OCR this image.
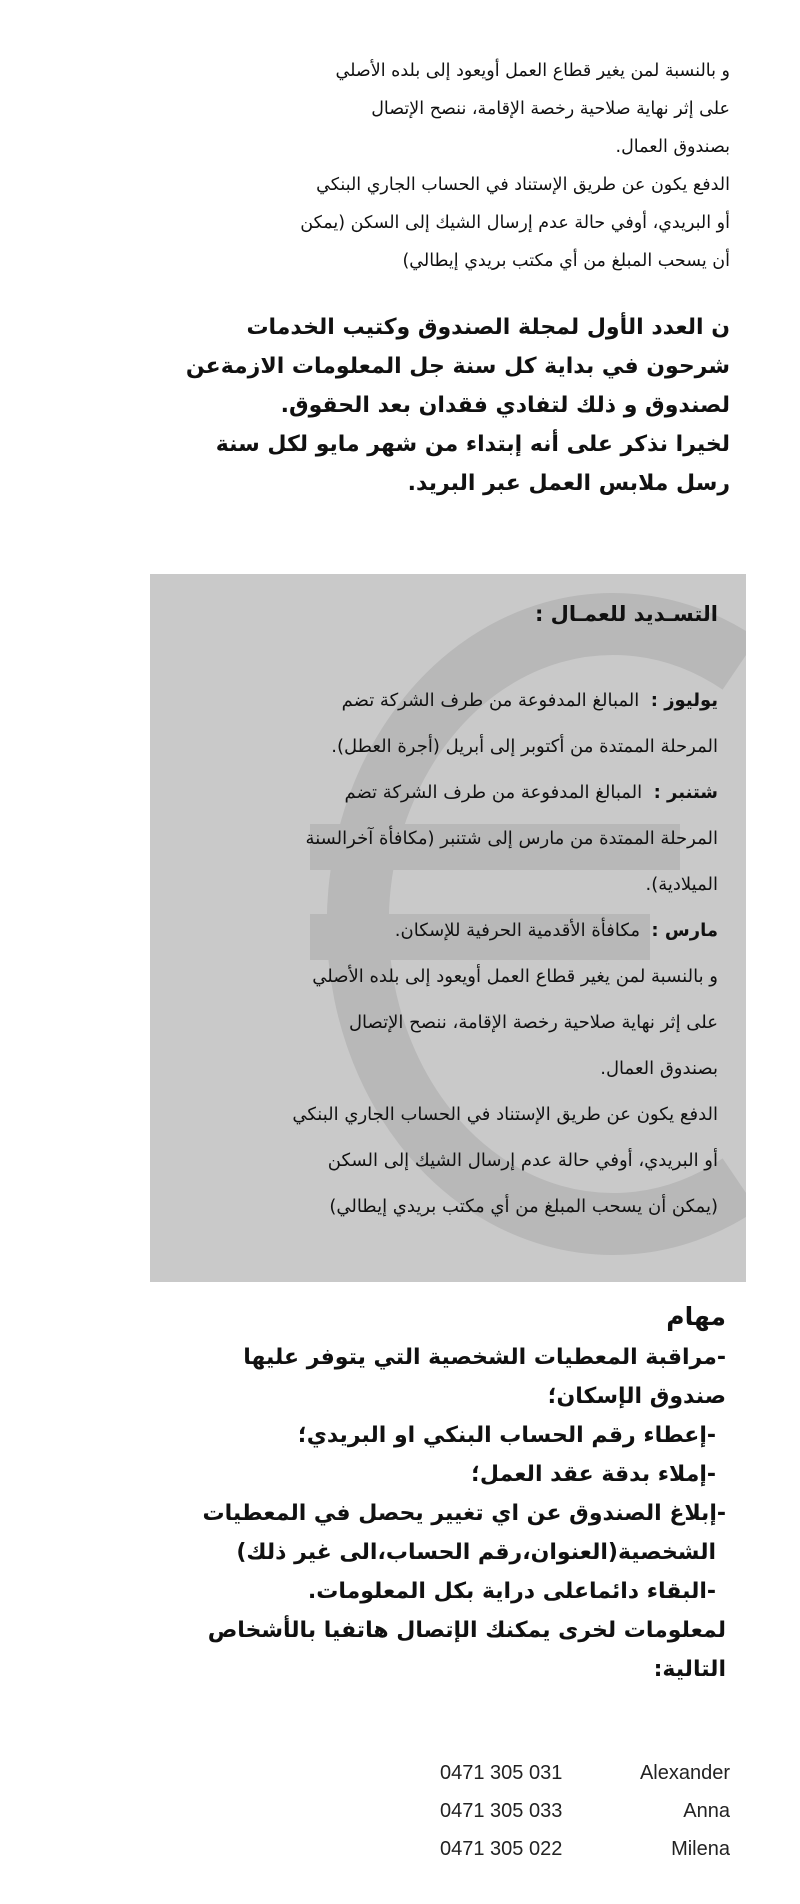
و بالنسبة لمن يغير قطاع العمل أويعود إلى بلده الأصلي

على إثر نهاية صلاحية رخصة الإقامة، ننصح الإتصال

بصندوق العمال.

الدفع يكون عن طريق الإستناد في الحساب الجاري البنكي

أو البريدي، أوفي حالة عدم إرسال الشيك إلى السكن (يمكن

أن يسحب المبلغ من أي مكتب بريدي إيطالي)

ن العدد الأول لمجلة الصندوق وكتيب الخدمات

شرحون في بداية كل سنة جل المعلومات الازمةعن

لصندوق و ذلك لتفادي فقدان بعد الحقوق.

لخيرا نذكر على أنه إبتداء من شهر مايو لكل سنة

رسل ملابس العمل عبر البريد.

التسـديد للعمـال :

يوليوز :  المبالغ المدفوعة من طرف الشركة تضم

المرحلة الممتدة من أكتوبر إلى أبريل (أجرة العطل).

شتنبر :  المبالغ المدفوعة من طرف الشركة تضم

المرحلة الممتدة من مارس إلى شتنبر (مكافأة آخرالسنة

الميلادية).

مارس :  مكافأة الأقدمية الحرفية للإسكان.

و بالنسبة لمن يغير قطاع العمل أويعود إلى بلده الأصلي

على إثر نهاية صلاحية رخصة الإقامة، ننصح الإتصال

بصندوق العمال.

الدفع يكون عن طريق الإستناد في الحساب الجاري البنكي

أو البريدي، أوفي حالة عدم إرسال الشيك إلى السكن

(يمكن أن يسحب المبلغ من أي مكتب بريدي إيطالي)

مهام

-مراقبة المعطيات الشخصية التي يتوفر عليها

صندوق الإسكان؛

-إعطاء رقم الحساب البنكي او البريدي؛

-إملاء بدقة عقد العمل؛

-إبلاغ الصندوق عن اي تغيير يحصل في المعطيات

الشخصية(العنوان،رقم الحساب،الى غير ذلك)

-البقاء دائماعلى دراية بكل المعلومات.

لمعلومات لخرى يمكنك الإتصال هاتفيا بالأشخاص

التالية:

0471 305 031	Alexander
0471 305 033	Anna
0471 305 022	Milena
